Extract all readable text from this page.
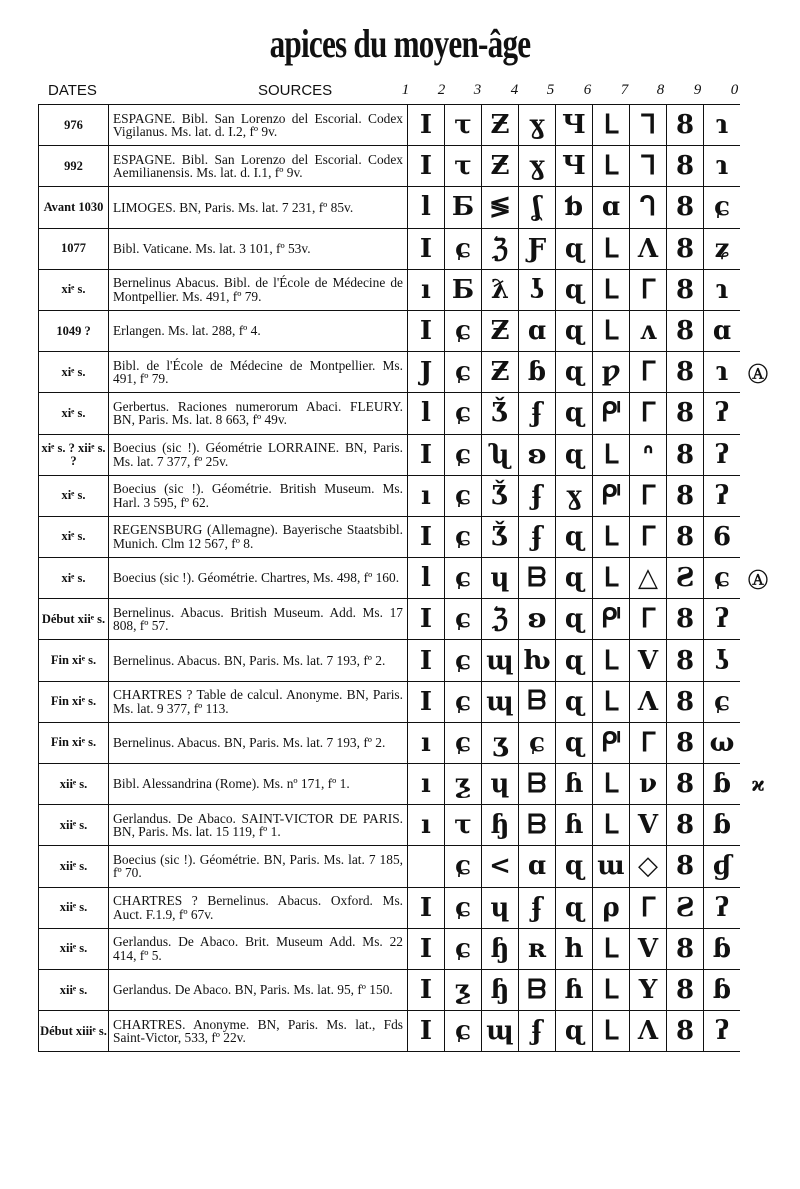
apices du moyen-âge
DATES	SOURCES	1	2	3	4	5	6	7	8	9	0
976	ESPAGNE. Bibl. San Lorenzo del Escorial. Codex Vigilanus. Ms. lat. d. I.2, fº 9v.	I	τ	Ƶ	ɣ	Ч	ᒪ	ᒣ	8	ɿ	
992	ESPAGNE. Bibl. San Lorenzo del Escorial. Codex Aemilianensis. Ms. lat. d. I.1, fº 9v.	I	τ	Ƶ	ɣ	Ч	ᒪ	ᒣ	8	ɿ	
Avant 1030	LIMOGES. BN, Paris. Ms. lat. 7 231, fº 85v.	l	Ƃ	≶	ʆ	ƅ	ɑ	ᒉ	8	ɕ	
1077	Bibl. Vaticane. Ms. lat. 3 101, fº 53v.	I	ɕ	ℨ	Ƒ	ɋ	ᒪ	Λ	8	ʑ	
xiᵉ s.	Bernelinus Abacus. Bibl. de l'École de Médecine de Montpellier. Ms. 491, fº 79.	ı	Ƃ	ƛ	ʖ	ɋ	ᒪ	ᒥ	8	ɿ	
1049 ?	Erlangen. Ms. lat. 288, fº 4.	I	ɕ	Ƶ	ɑ	ɋ	ᒪ	ʌ	8	ɑ	
xiᵉ s.	Bibl. de l'École de Médecine de Montpellier. Ms. 491, fº 79.	J	ɕ	Ƶ	ɓ	ɋ	ƿ	ᒥ	8	ɿ	Ⓐ
xiᵉ s.	Gerbertus. Raciones numerorum Abaci. FLEURY. BN, Paris. Ms. lat. 8 663, fº 49v.	l	ɕ	Ǯ	ʄ	ɋ	ᒆ	ᒥ	8	ʔ	
xiᵉ s. ? xiiᵉ s. ?	Boecius (sic !). Géométrie LORRAINE. BN, Paris. Ms. lat. 7 377, fº 25v.	I	ɕ	ʯ	ʚ	ɋ	ᒪ	ᐢ	8	ʔ	
xiᵉ s.	Boecius (sic !). Géométrie. British Museum. Ms. Harl. 3 595, fº 62.	ı	ɕ	Ǯ	ʄ	ɣ	ᒆ	ᒥ	8	ʔ	
xiᵉ s.	REGENSBURG (Allemagne). Bayerische Staatsbibl. Munich. Clm 12 567, fº 8.	I	ɕ	Ǯ	ʄ	ɋ	ᒪ	ᒥ	8	6	
xiᵉ s.	Boecius (sic !). Géométrie. Chartres, Ms. 498, fº 160.	l	ɕ	ɥ	ᗷ	ɋ	ᒪ	△	Ƨ	ɕ	Ⓐ
Début xiiᵉ s.	Bernelinus. Abacus. British Museum. Add. Ms. 17 808, fº 57.	I	ɕ	ℨ	ʚ	ɋ	ᒆ	ᒥ	8	ʔ	
Fin xiᵉ s.	Bernelinus. Abacus. BN, Paris. Ms. lat. 7 193, fº 2.	I	ɕ	ɰ	ƕ	ɋ	ᒪ	V	8	ʖ	
Fin xiᵉ s.	CHARTRES ? Table de calcul. Anonyme. BN, Paris. Ms. lat. 9 377, fº 113.	I	ɕ	ɰ	ᗷ	ɋ	ᒪ	Λ	8	ɕ	
Fin xiᵉ s.	Bernelinus. Abacus. BN, Paris. Ms. lat. 7 193, fº 2.	ı	ɕ	ʒ	ɕ	ɋ	ᒆ	ᒥ	8	ω	
xiiᵉ s.	Bibl. Alessandrina (Rome). Ms. nº 171, fº 1.	ı	ƺ	ɥ	ᗷ	ɦ	ᒪ	ν	8	ɓ	ϰ
xiiᵉ s.	Gerlandus. De Abaco. SAINT-VICTOR DE PARIS. BN, Paris. Ms. lat. 15 119, fº 1.	ı	τ	ɧ	ᗷ	ɦ	ᒪ	V	8	ɓ	
xiiᵉ s.	Boecius (sic !). Géométrie. BN, Paris. Ms. lat. 7 185, fº 70.		ɕ	<	ɑ	ɋ	ɯ	◇	8	ɠ	
xiiᵉ s.	CHARTRES ? Bernelinus. Abacus. Oxford. Ms. Auct. F.1.9, fº 67v.	I	ɕ	ɥ	ʄ	ɋ	ρ	ᒥ	Ƨ	ʔ	
xiiᵉ s.	Gerlandus. De Abaco. Brit. Museum Add. Ms. 22 414, fº 5.	I	ɕ	ɧ	ʀ	h	ᒪ	V	8	ɓ	
xiiᵉ s.	Gerlandus. De Abaco. BN, Paris. Ms. lat. 95, fº 150.	I	ƺ	ɧ	ᗷ	ɦ	ᒪ	Y	8	ɓ	
Début xiiiᵉ s.	CHARTRES. Anonyme. BN, Paris. Ms. lat., Fds Saint-Victor, 533, fº 22v.	I	ɕ	ɰ	ʄ	ɋ	ᒪ	Λ	8	ʔ	
